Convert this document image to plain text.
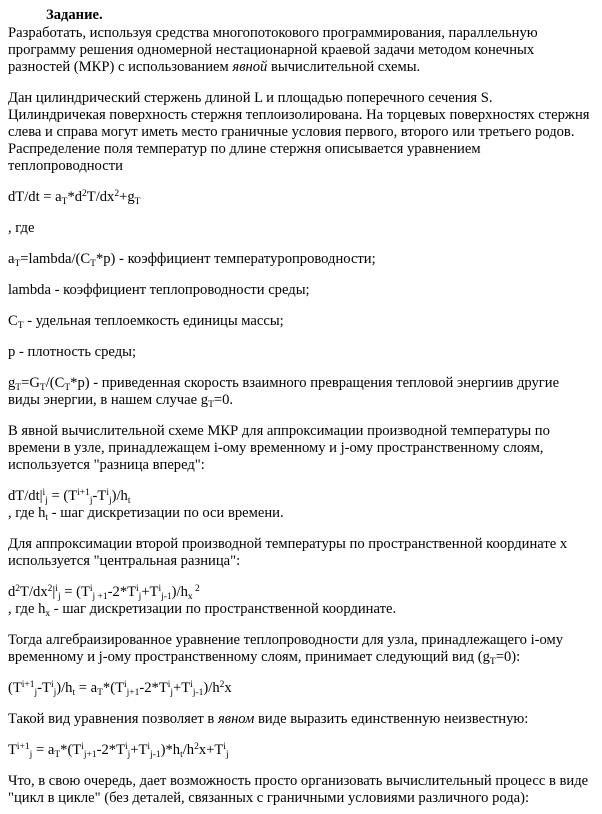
Задание.
Разработать, используя средства многопотокового программирования, параллельную
программу решения одномерной нестационарной краевой задачи методом конечных
разностей (МКР) с использованием явной вычислительной схемы.
Дан цилиндрический стержень длиной L и площадью поперечного сечения S.
Цилиндричекая поверхность стержня теплоизолирована. На торцевых поверхностях стержня
слева и справа могут иметь место граничные условия первого, второго или третьего родов.
Распределение поля температур по длине стержня описывается уравнением
теплопроводности
$dT/dt = a_T*d^2T/dx^2+g_T$
, где
$a_T=lambda/(C_T*p)$ - коэффициент температуропроводности;
lambda - коэффициент теплопроводности среды;
$C_T$ - удельная теплоемкость единицы массы;
p - плотность среды;
$g_T=G_T/(C_T*p)$ - приведенная скорость взаимного превращения тепловой энергиив другие
виды энергии, в нашем случае $g_T=0$.
В явной вычислительной схеме МКР для аппроксимации производной температуры по
времени в узле, принадлежащем i-ому временному и j-ому пространственному слоям,
используется "разница вперед":
$dT/dt|^i_j = (T^{i+1}_j-T^i_j)/h_t$
, где $h_t$ - шаг дискретизации по оси времени.
Для аппроксимации второй производной температуры по пространственной координате x
используется "центральная разница":
$d^2T/dx^2|^i_j = (T^i_{j +1}-2*T^i_j+T^i_{j-1})/h_x$ $^2$
, где $h_x$ - шаг дискретизации по пространственной координате.
Тогда алгебраизированное уравнение теплопроводности для узла, принадлежащего i-ому
временному и j-ому пространственному слоям, принимает следующий вид $(g_T=0)$:
$(T^{i+1}_j-T^i_j)/h_t = a_T*(T^i_{j+1}-2*T^i_j+T^i_{j-1})/h^2x$
Такой вид уравнения позволяет в явном виде выразить единственную неизвестную:
$T^{i+1}_j = a_T*(T^i_{j+1}-2*T^i_j+T^i_{j-1})*h_t/h^2x+T^i_j$
Что, в свою очередь, дает возможность просто организовать вычислительный процесс в виде
"цикл в цикле" (без деталей, связанных с граничными условиями различного рода):
